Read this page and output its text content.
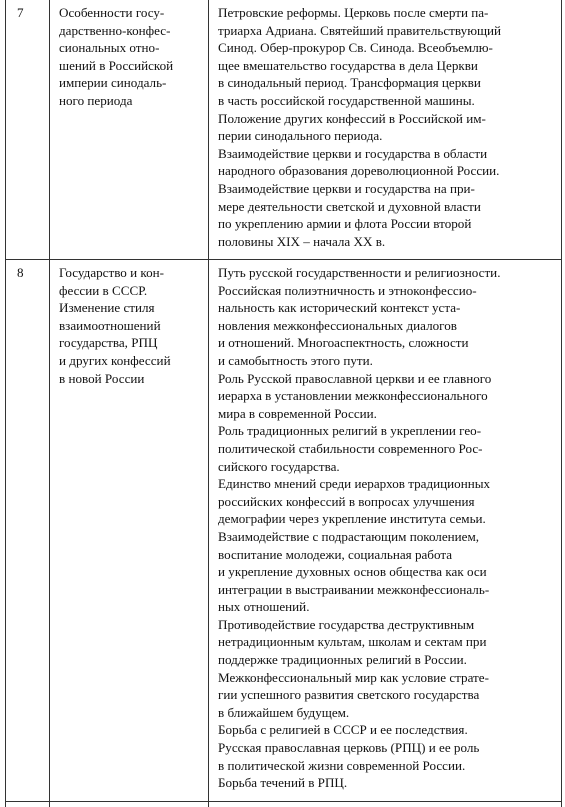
7	Особенности госу-
дарственно-конфес-
сиональных отно-
шений в Российской
империи синодаль-
ного периода
Петровские реформы. Церковь после смерти па-
триарха Адриана. Святейший правительствующий
Синод. Обер-прокурор Св. Синода. Всеобъемлю-
щее вмешательство государства в дела Церкви
в синодальный период. Трансформация церкви
в часть российской государственной машины.
Положение других конфессий в Российской им-
перии синодального периода.
Взаимодействие церкви и государства в области
народного образования дореволюционной России.
Взаимодействие церкви и государства на при-
мере деятельности светской и духовной власти
по укреплению армии и флота России второй
половины XIX – начала XX в.
8	Государство и кон-
фессии в СССР.
Изменение стиля
взаимоотношений
государства, РПЦ
и других конфессий
в новой России
Путь русской государственности и религиозности.
Российская полиэтничность и этноконфессио-
нальность как исторический контекст уста-
новления межконфессиональных диалогов
и отношений. Многоаспектность, сложности
и самобытность этого пути.
Роль Русской православной церкви и ее главного
иерарха в установлении межконфессионального
мира в современной России.
Роль традиционных религий в укреплении гео-
политической стабильности современного Рос-
сийского государства.
Единство мнений среди иерархов традиционных
российских конфессий в вопросах улучшения
демографии через укрепление института семьи.
Взаимодействие с подрастающим поколением,
воспитание молодежи, социальная работа
и укрепление духовных основ общества как оси
интеграции в выстраивании межконфессиональ-
ных отношений.
Противодействие государства деструктивным
нетрадиционным культам, школам и сектам при
поддержке традиционных религий в России.
Межконфессиональный мир как условие страте-
гии успешного развития светского государства
в ближайшем будущем.
Борьба с религией в СССР и ее последствия.
Русская православная церковь (РПЦ) и ее роль
в политической жизни современной России.
Борьба течений в РПЦ.
